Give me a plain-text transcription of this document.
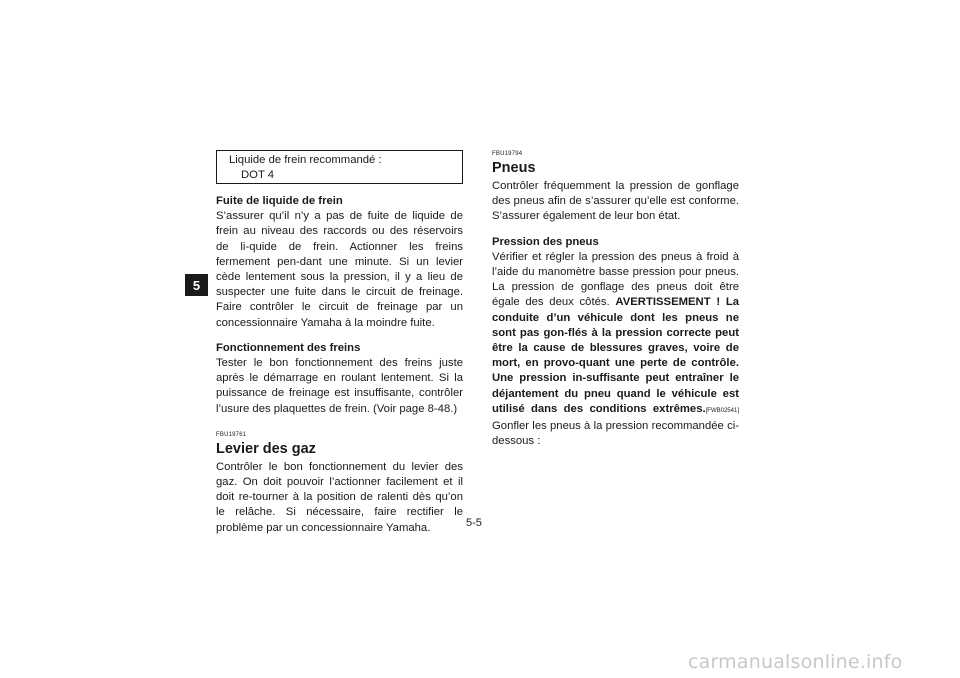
5
Liquide de frein recommandé :
DOT 4
Fuite de liquide de frein

S’assurer qu’il n’y a pas de fuite de liquide de frein au niveau des raccords ou des réservoirs de li-quide de frein. Actionner les freins fermement pen-dant une minute. Si un levier cède lentement sous la pression, il y a lieu de suspecter une fuite dans le circuit de freinage. Faire contrôler le circuit de freinage par un concessionnaire Yamaha à la moindre fuite.

Fonctionnement des freins

Tester le bon fonctionnement des freins juste après le démarrage en roulant lentement. Si la puissance de freinage est insuffisante, contrôler l’usure des plaquettes de frein. (Voir page 8-48.)

FBU19761
Levier des gaz

Contrôler le bon fonctionnement du levier des gaz. On doit pouvoir l’actionner facilement et il doit re-tourner à la position de ralenti dès qu’on le relâche. Si nécessaire, faire rectifier le problème par un concessionnaire Yamaha.

FBU19794
Pneus

Contrôler fréquemment la pression de gonflage des pneus afin de s’assurer qu’elle est conforme. S’assurer également de leur bon état.

Pression des pneus

Vérifier et régler la pression des pneus à froid à l’aide du manomètre basse pression pour pneus. La pression de gonflage des pneus doit être égale des deux côtés. AVERTISSEMENT ! La conduite d’un véhicule dont les pneus ne sont pas gon-flés à la pression correcte peut être la cause de blessures graves, voire de mort, en provo-quant une perte de contrôle. Une pression in-suffisante peut entraîner le déjantement du pneu quand le véhicule est utilisé dans des conditions extrêmes.[FWB02541] Gonfler les pneus à la pression recommandée ci-dessous :

5-5
carmanualsonline.info
